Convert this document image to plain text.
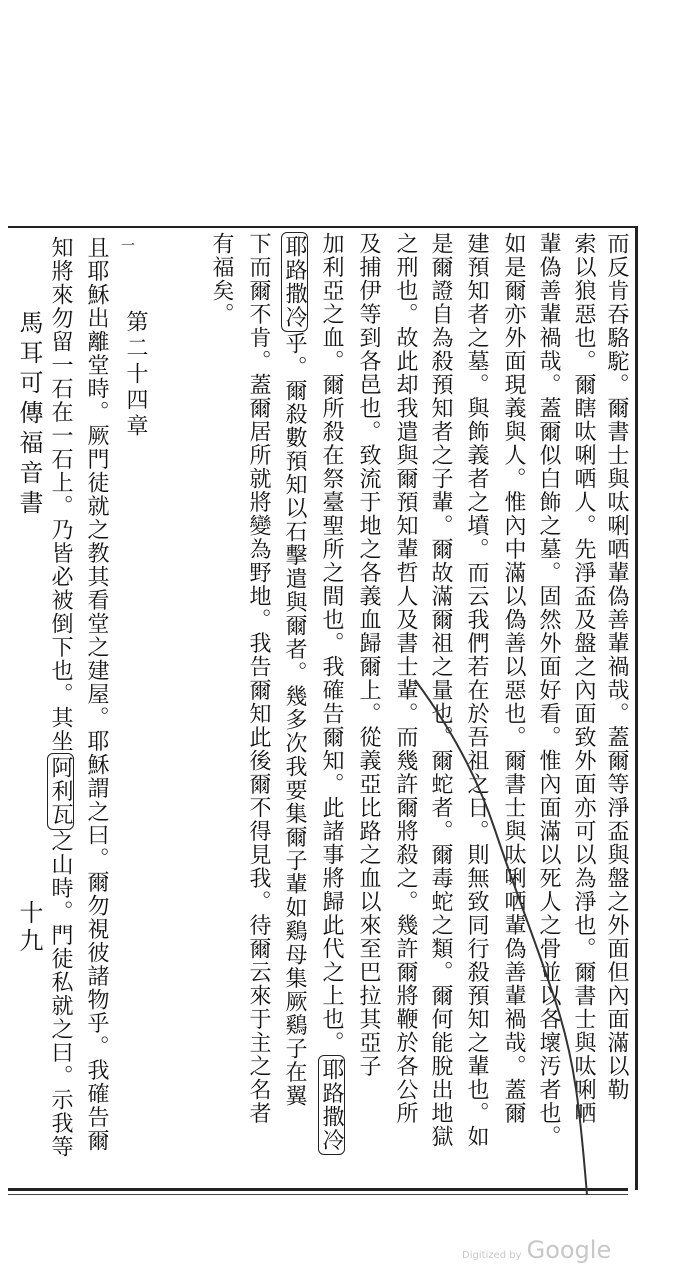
馬耳可傳福音書
十九	而反肯吞駱駝。爾書士與呔唎哂輩偽善輩禍哉。蓋爾等淨盃與盤之外面但內面滿以勒
索以狼惡也。爾瞎呔唎哂人。先淨盃及盤之內面致外面亦可以為淨也。爾書士與呔唎哂
輩偽善輩禍哉。蓋爾似白飾之墓。固然外面好看。惟內面滿以死人之骨並以各壞汚者也。
如是爾亦外面現義與人。惟內中滿以偽善以惡也。爾書士與呔唎哂輩偽善輩禍哉。蓋爾
建預知者之墓。與飾義者之墳。而云我們若在於吾祖之日。則無致同行殺預知之輩也。如
是爾證自為殺預知者之子輩。爾故滿爾祖之量也。爾蛇者。爾毒蛇之類。爾何能脫出地獄
之刑也。故此却我遣與爾預知輩哲人及書士輩。而幾許爾將殺之。幾許爾將鞭於各公所
及捕伊等到各邑也。致流于地之各義血歸爾上。從義亞比路之血以來至巴拉其亞子
加利亞之血。爾所殺在祭臺聖所之間也。我確告爾知。此諸事將歸此代之上也。耶路撒冷
耶路撒冷乎。爾殺數預知以石擊遣與爾者。幾多次我要集爾子輩如鷄母集厥鷄子在翼
下而爾不肯。蓋爾居所就將變為野地。我告爾知此後爾不得見我。待爾云來于主之名者
有福矣。
且耶穌出離堂時。厥門徒就之教其看堂之建屋。耶穌謂之曰。爾勿視彼諸物乎。我確告爾
知將來勿留一石在一石上。乃皆必被倒下也。其坐阿利瓦之山時。門徒私就之曰。示我等
第二十四章
一
Digitized by Google
